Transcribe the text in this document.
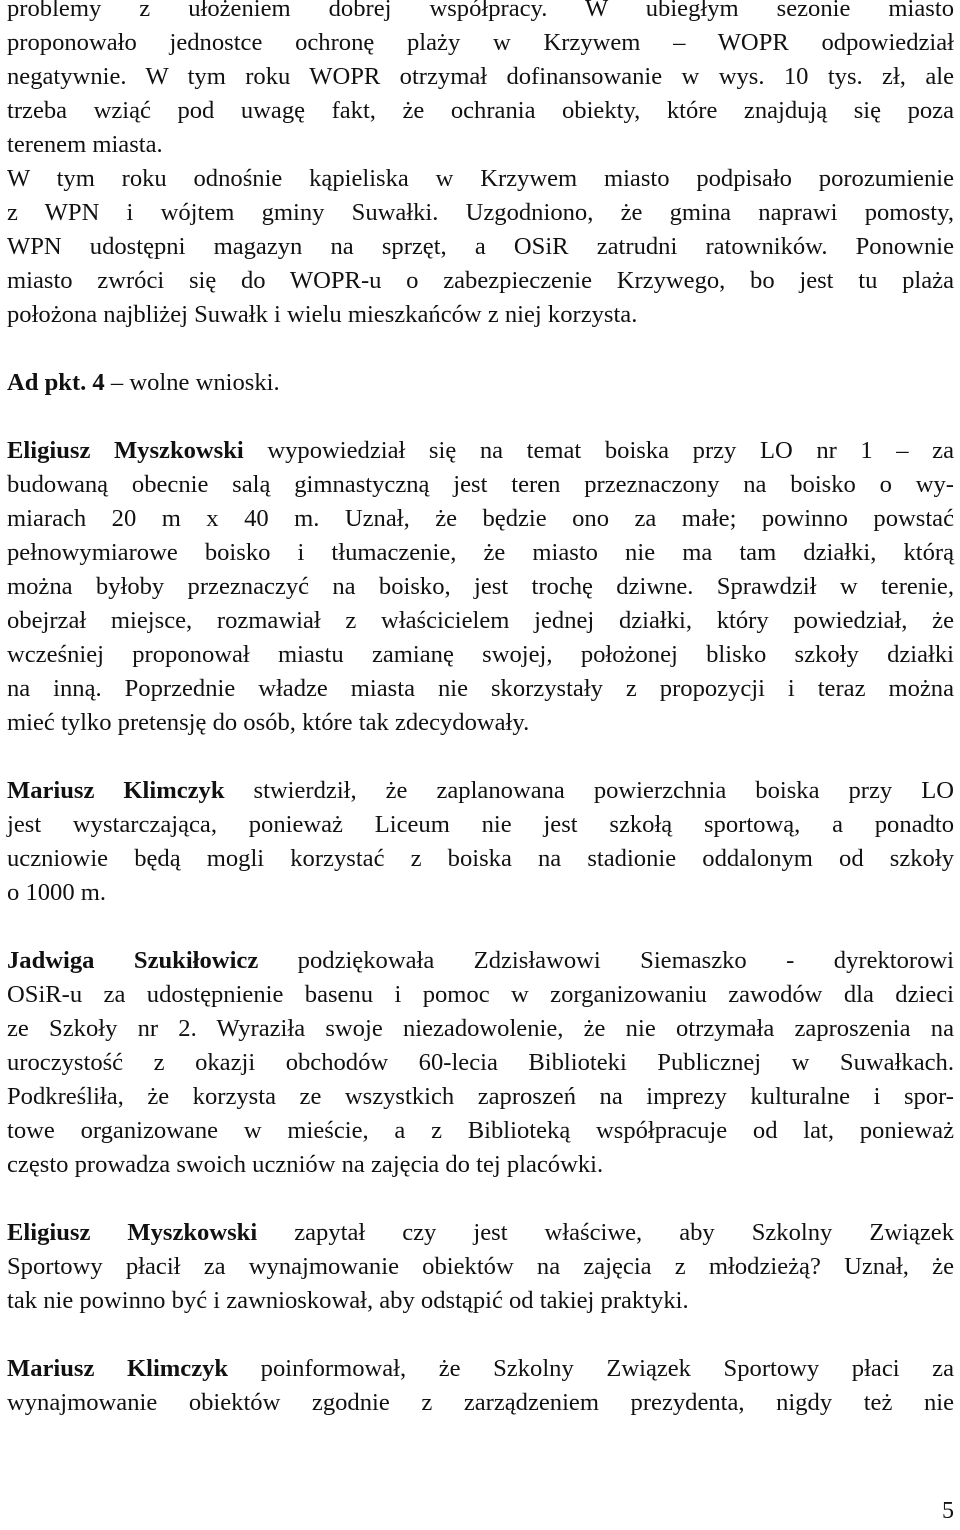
problemy z ułożeniem dobrej współpracy. W ubiegłym sezonie miasto
proponowało jednostce ochronę plaży w Krzywem – WOPR odpowiedział
negatywnie. W tym roku WOPR otrzymał dofinansowanie w wys. 10 tys. zł, ale
trzeba wziąć pod uwagę fakt, że ochrania obiekty, które znajdują się poza
terenem miasta.

W tym roku odnośnie kąpieliska w Krzywem miasto podpisało porozumienie
z WPN i wójtem gminy Suwałki. Uzgodniono, że gmina naprawi pomosty,
WPN udostępni magazyn na sprzęt, a OSiR zatrudni ratowników. Ponownie
miasto zwróci się do WOPR-u o zabezpieczenie Krzywego, bo jest tu plaża
położona najbliżej Suwałk i wielu mieszkańców z niej korzysta.

Ad pkt. 4 – wolne wnioski.

Eligiusz Myszkowski wypowiedział się na temat boiska przy LO nr 1 – za
budowaną obecnie salą gimnastyczną jest teren przeznaczony na boisko o wy-
miarach 20 m x 40 m. Uznał, że będzie ono za małe; powinno powstać
pełnowymiarowe boisko i tłumaczenie, że miasto nie ma tam działki, którą
można byłoby przeznaczyć na boisko, jest trochę dziwne. Sprawdził w terenie,
obejrzał miejsce, rozmawiał z właścicielem jednej działki, który powiedział, że
wcześniej proponował miastu zamianę swojej, położonej blisko szkoły działki
na inną. Poprzednie władze miasta nie skorzystały z propozycji i teraz można
mieć tylko pretensję do osób, które tak zdecydowały.

Mariusz Klimczyk stwierdził, że zaplanowana powierzchnia boiska przy LO
jest wystarczająca, ponieważ Liceum nie jest szkołą sportową, a ponadto
uczniowie będą mogli korzystać z boiska na stadionie oddalonym od szkoły
o 1000 m.

Jadwiga Szukiłowicz podziękowała Zdzisławowi Siemaszko - dyrektorowi
OSiR-u za udostępnienie basenu i pomoc w zorganizowaniu zawodów dla dzieci
ze Szkoły nr 2. Wyraziła swoje niezadowolenie, że nie otrzymała zaproszenia na
uroczystość z okazji obchodów 60-lecia Biblioteki Publicznej w Suwałkach.
Podkreśliła, że korzysta ze wszystkich zaproszeń na imprezy kulturalne i spor-
towe organizowane w mieście, a z Biblioteką współpracuje od lat, ponieważ
często prowadza swoich uczniów na zajęcia do tej placówki.

Eligiusz Myszkowski zapytał czy jest właściwe, aby Szkolny Związek
Sportowy płacił za wynajmowanie obiektów na zajęcia z młodzieżą? Uznał, że
tak nie powinno być i zawnioskował, aby odstąpić od takiej praktyki.

Mariusz Klimczyk poinformował, że Szkolny Związek Sportowy płaci za
wynajmowanie obiektów zgodnie z zarządzeniem prezydenta, nigdy też nie

5
